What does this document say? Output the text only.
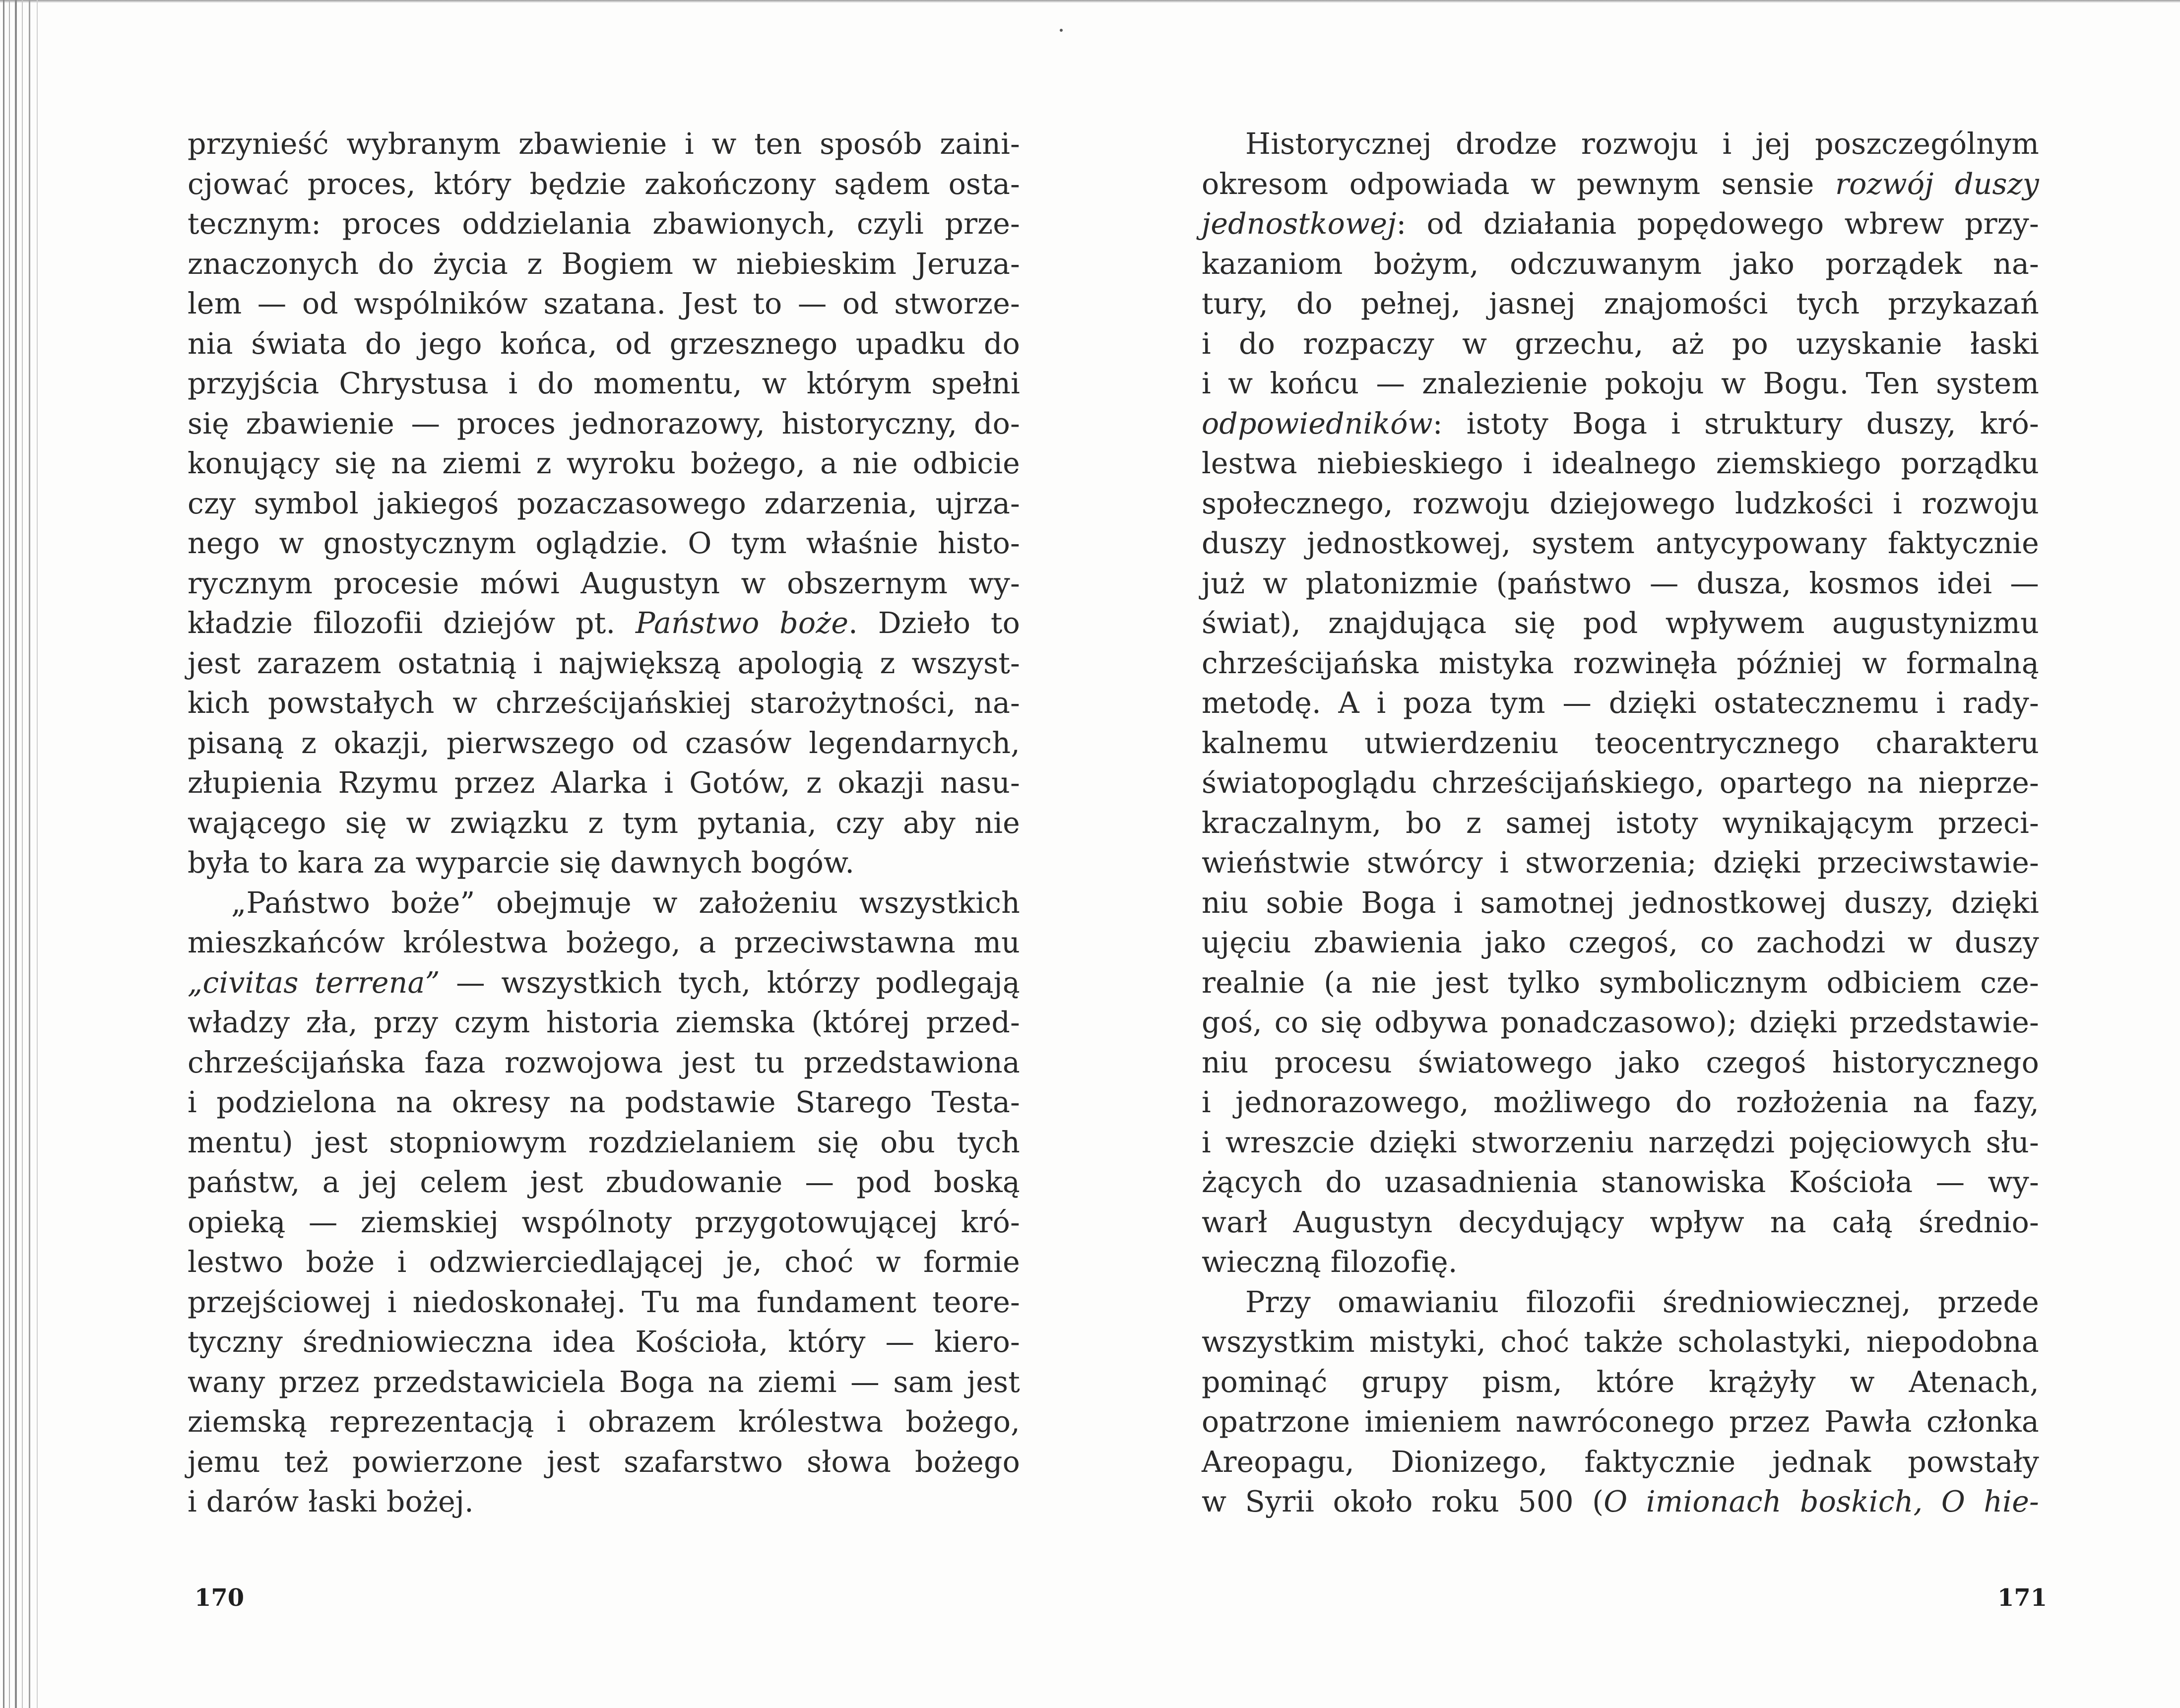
przynieść wybranym zbawienie i w ten sposób zaini-
cjować proces, który będzie zakończony sądem osta-
tecznym: proces oddzielania zbawionych, czyli prze-
znaczonych do życia z Bogiem w niebieskim Jeruza-
lem — od wspólników szatana. Jest to — od stworze-
nia świata do jego końca, od grzesznego upadku do
przyjścia Chrystusa i do momentu, w którym spełni
się zbawienie — proces jednorazowy, historyczny, do-
konujący się na ziemi z wyroku bożego, a nie odbicie
czy symbol jakiegoś pozaczasowego zdarzenia, ujrza-
nego w gnostycznym oglądzie. O tym właśnie histo-
rycznym procesie mówi Augustyn w obszernym wy-
kładzie filozofii dziejów pt. Państwo boże. Dzieło to
jest zarazem ostatnią i największą apologią z wszyst-
kich powstałych w chrześcijańskiej starożytności, na-
pisaną z okazji, pierwszego od czasów legendarnych,
złupienia Rzymu przez Alarka i Gotów, z okazji nasu-
wającego się w związku z tym pytania, czy aby nie
była to kara za wyparcie się dawnych bogów.
„Państwo boże” obejmuje w założeniu wszystkich
mieszkańców królestwa bożego, a przeciwstawna mu
„civitas terrena” — wszystkich tych, którzy podlegają
władzy zła, przy czym historia ziemska (której przed-
chrześcijańska faza rozwojowa jest tu przedstawiona
i podzielona na okresy na podstawie Starego Testa-
mentu) jest stopniowym rozdzielaniem się obu tych
państw, a jej celem jest zbudowanie — pod boską
opieką — ziemskiej wspólnoty przygotowującej kró-
lestwo boże i odzwierciedlającej je, choć w formie
przejściowej i niedoskonałej. Tu ma fundament teore-
tyczny średniowieczna idea Kościoła, który — kiero-
wany przez przedstawiciela Boga na ziemi — sam jest
ziemską reprezentacją i obrazem królestwa bożego,
jemu też powierzone jest szafarstwo słowa bożego
i darów łaski bożej.
Historycznej drodze rozwoju i jej poszczególnym
okresom odpowiada w pewnym sensie rozwój duszy
jednostkowej: od działania popędowego wbrew przy-
kazaniom bożym, odczuwanym jako porządek na-
tury, do pełnej, jasnej znajomości tych przykazań
i do rozpaczy w grzechu, aż po uzyskanie łaski
i w końcu — znalezienie pokoju w Bogu. Ten system
odpowiedników: istoty Boga i struktury duszy, kró-
lestwa niebieskiego i idealnego ziemskiego porządku
społecznego, rozwoju dziejowego ludzkości i rozwoju
duszy jednostkowej, system antycypowany faktycznie
już w platonizmie (państwo — dusza, kosmos idei —
świat), znajdująca się pod wpływem augustynizmu
chrześcijańska mistyka rozwinęła później w formalną
metodę. A i poza tym — dzięki ostatecznemu i rady-
kalnemu utwierdzeniu teocentrycznego charakteru
światopoglądu chrześcijańskiego, opartego na nieprze-
kraczalnym, bo z samej istoty wynikającym przeci-
wieństwie stwórcy i stworzenia; dzięki przeciwstawie-
niu sobie Boga i samotnej jednostkowej duszy, dzięki
ujęciu zbawienia jako czegoś, co zachodzi w duszy
realnie (a nie jest tylko symbolicznym odbiciem cze-
goś, co się odbywa ponadczasowo); dzięki przedstawie-
niu procesu światowego jako czegoś historycznego
i jednorazowego, możliwego do rozłożenia na fazy,
i wreszcie dzięki stworzeniu narzędzi pojęciowych słu-
żących do uzasadnienia stanowiska Kościoła — wy-
warł Augustyn decydujący wpływ na całą średnio-
wieczną filozofię.
Przy omawianiu filozofii średniowiecznej, przede
wszystkim mistyki, choć także scholastyki, niepodobna
pominąć grupy pism, które krążyły w Atenach,
opatrzone imieniem nawróconego przez Pawła członka
Areopagu, Dionizego, faktycznie jednak powstały
w Syrii około roku 500 (O imionach boskich, O hie-
170	171
